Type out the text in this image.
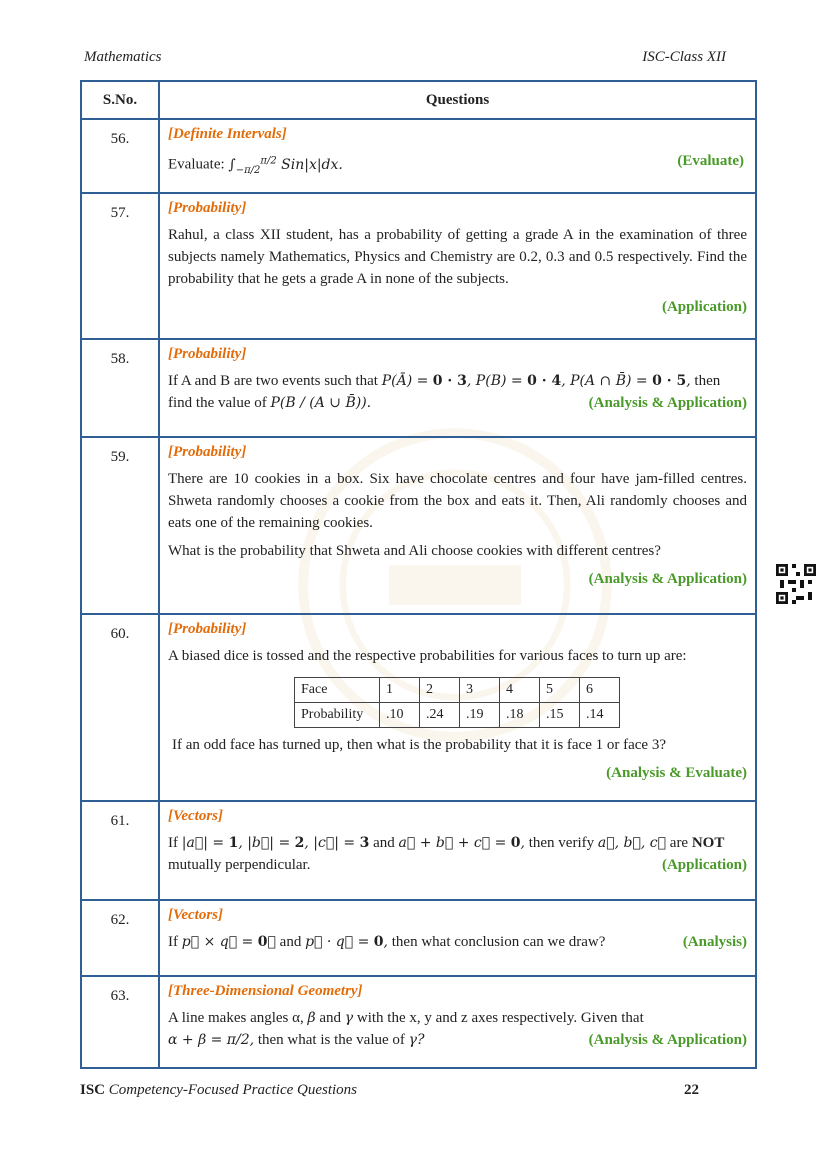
Mathematics	ISC-Class XII
S.No.	Questions
56.	[Definite Intervals]
Evaluate: $\int_{-\pi/2}^{\pi/2}$ Sin|x|dx.	(Evaluate)

57.	[Probability]
Rahul, a class XII student, has a probability of getting a grade A in the examination of three subjects namely Mathematics, Physics and Chemistry are 0.2, 0.3 and 0.5 respectively. Find the probability that he gets a grade A in none of the subjects.
(Application)

58.	[Probability]
If A and B are two events such that P(Ā) = 0 · 3, P(B) = 0 · 4, P(A ∩ B̄) = 0 · 5, then
find the value of P(B / (A ∪ B̄)).	(Analysis & Application)

59.	[Probability]
There are 10 cookies in a box. Six have chocolate centres and four have jam-filled centres. Shweta randomly chooses a cookie from the box and eats it. Then, Ali randomly chooses and eats one of the remaining cookies.
What is the probability that Shweta and Ali choose cookies with different centres?
(Analysis & Application)

60.	[Probability]
A biased dice is tossed and the respective probabilities for various faces to turn up are:
Face	1	2	3	4	5	6
Probability	.10	.24	.19	.18	.15	.14
If an odd face has turned up, then what is the probability that it is face 1 or face 3?
(Analysis & Evaluate)

61.	[Vectors]
If |a⃗| = 1, |b⃗| = 2, |c⃗| = 3 and a⃗ + b⃗ + c⃗ = 0, then verify a⃗, b⃗, c⃗ are NOT
mutually perpendicular.	(Application)

62.	[Vectors]
If p⃗ × q⃗ = 0⃗ and p⃗ · q⃗ = 0, then what conclusion can we draw?	(Analysis)

63.	[Three-Dimensional Geometry]
A line makes angles α, β and γ with the x, y and z axes respectively. Given that
α + β = π/2, then what is the value of γ?	(Analysis & Application)
ISC Competency-Focused Practice Questions	22
